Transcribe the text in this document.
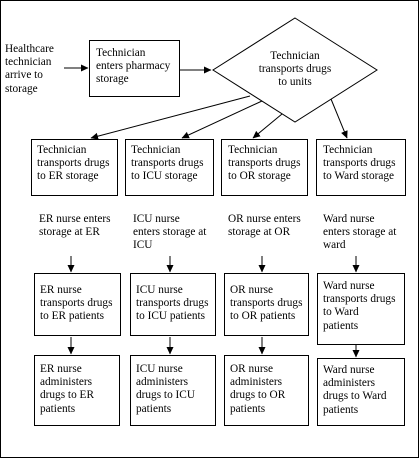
Healthcare
technician
arrive to
storage
Technician
enters pharmacy
storage
Technician
transports drugs
to units
Technician
transports drugs
to ER storage
Technician
transports drugs
to ICU storage
Technician
transports drugs
to OR storage
Technician
transports drugs
to Ward storage
ER nurse enters
storage at ER
ICU nurse
enters storage at
ICU
OR nurse enters
storage at OR
Ward nurse
enters storage at
ward
ER nurse
transports drugs
to ER patients
ICU nurse
transports drugs
to ICU patients
OR nurse
transports drugs
to OR patients
Ward nurse
transports drugs
to Ward
patients
ER nurse
administers
drugs to ER
patients
ICU nurse
administers
drugs to ICU
patients
OR nurse
administers
drugs to OR
patients
Ward nurse
administers
drugs to Ward
patients
